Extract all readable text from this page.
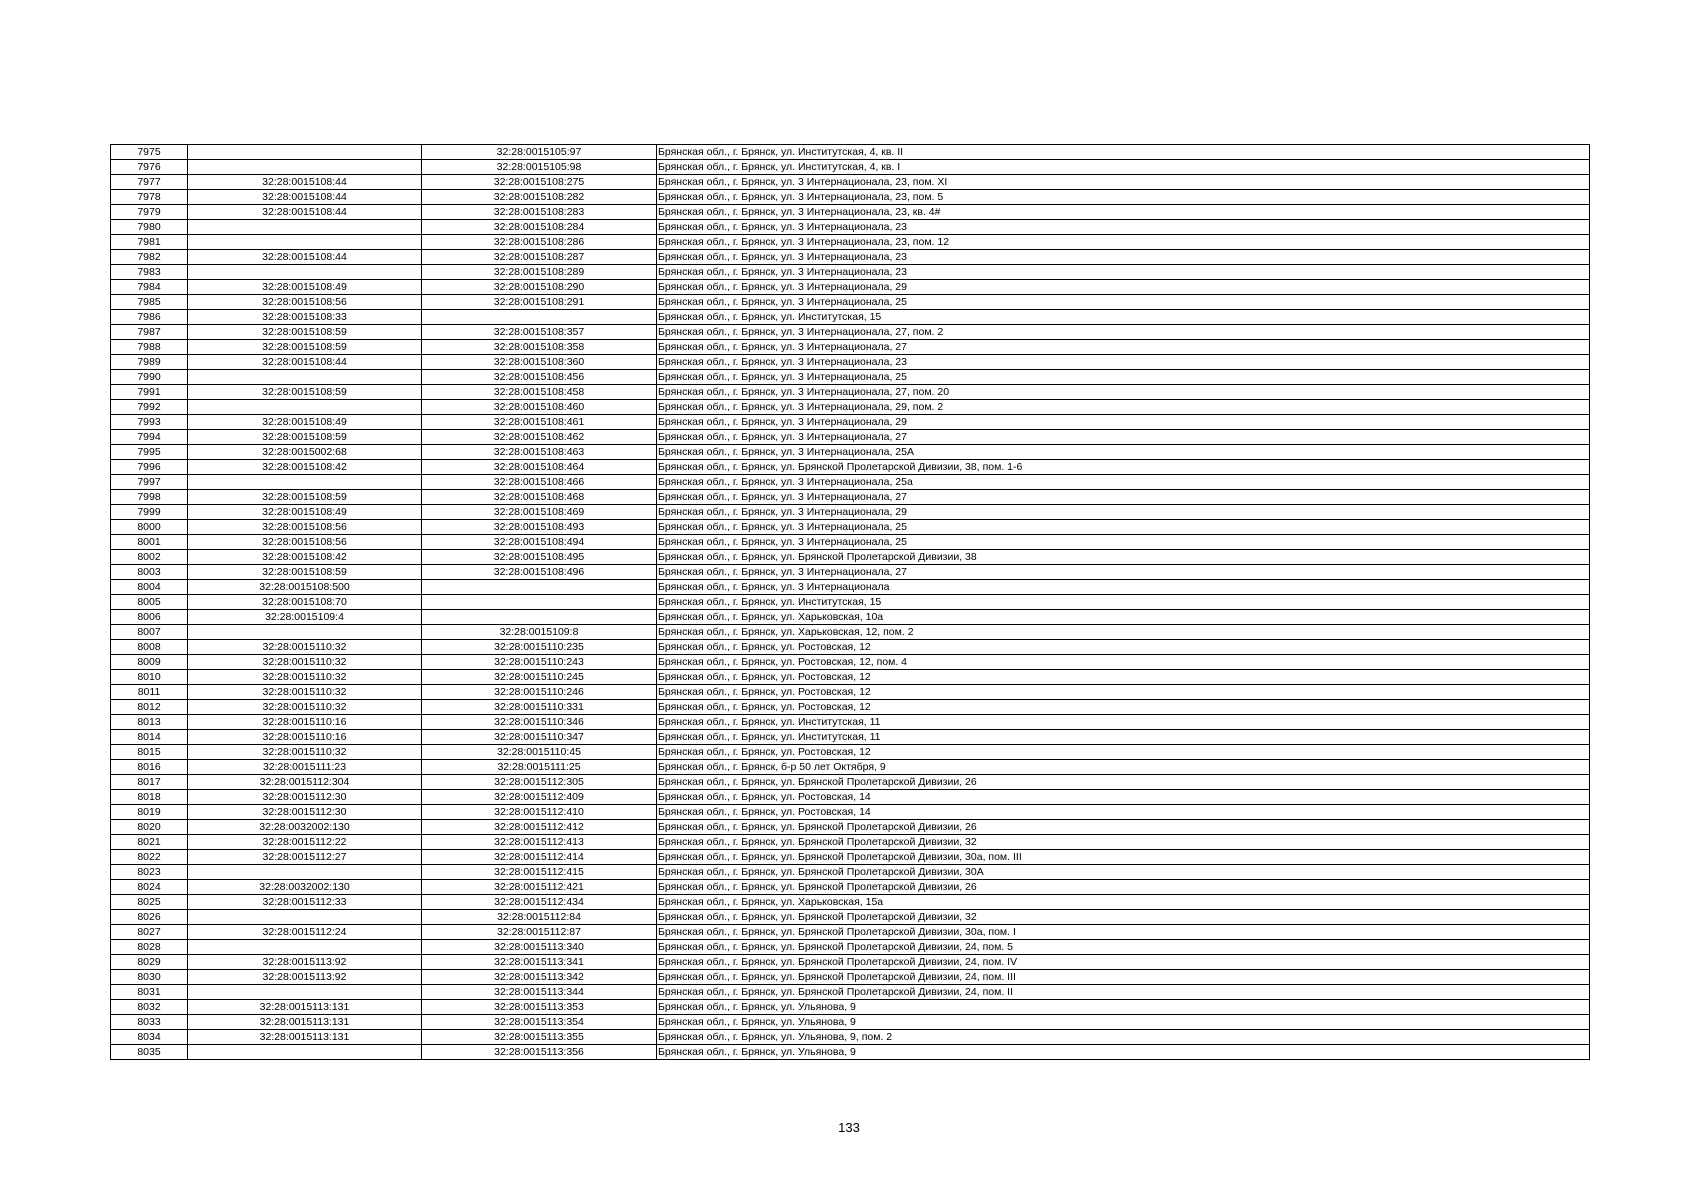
7975		32:28:0015105:97	Брянская обл., г. Брянск, ул. Институтская, 4, кв. II
7976		32:28:0015105:98	Брянская обл., г. Брянск, ул. Институтская, 4, кв. I
7977	32:28:0015108:44	32:28:0015108:275	Брянская обл., г. Брянск, ул. 3 Интернационала, 23, пом. XI
7978	32:28:0015108:44	32:28:0015108:282	Брянская обл., г. Брянск, ул. 3 Интернационала, 23, пом. 5
7979	32:28:0015108:44	32:28:0015108:283	Брянская обл., г. Брянск, ул. 3 Интернационала, 23, кв. 4#
7980		32:28:0015108:284	Брянская обл., г. Брянск, ул. 3 Интернационала, 23
7981		32:28:0015108:286	Брянская обл., г. Брянск, ул. 3 Интернационала, 23, пом. 12
7982	32:28:0015108:44	32:28:0015108:287	Брянская обл., г. Брянск, ул. 3 Интернационала, 23
7983		32:28:0015108:289	Брянская обл., г. Брянск, ул. 3 Интернационала, 23
7984	32:28:0015108:49	32:28:0015108:290	Брянская обл., г. Брянск, ул. 3 Интернационала, 29
7985	32:28:0015108:56	32:28:0015108:291	Брянская обл., г. Брянск, ул. 3 Интернационала, 25
7986	32:28:0015108:33		Брянская обл., г. Брянск, ул. Институтская, 15
7987	32:28:0015108:59	32:28:0015108:357	Брянская обл., г. Брянск, ул. 3 Интернационала, 27, пом. 2
7988	32:28:0015108:59	32:28:0015108:358	Брянская обл., г. Брянск, ул. 3 Интернационала, 27
7989	32:28:0015108:44	32:28:0015108:360	Брянская обл., г. Брянск, ул. 3 Интернационала, 23
7990		32:28:0015108:456	Брянская обл., г. Брянск, ул. 3 Интернационала, 25
7991	32:28:0015108:59	32:28:0015108:458	Брянская обл., г. Брянск, ул. 3 Интернационала, 27, пом. 20
7992		32:28:0015108:460	Брянская обл., г. Брянск, ул. 3 Интернационала, 29, пом. 2
7993	32:28:0015108:49	32:28:0015108:461	Брянская обл., г. Брянск, ул. 3 Интернационала, 29
7994	32:28:0015108:59	32:28:0015108:462	Брянская обл., г. Брянск, ул. 3 Интернационала, 27
7995	32:28:0015002:68	32:28:0015108:463	Брянская обл., г. Брянск, ул. 3 Интернационала, 25А
7996	32:28:0015108:42	32:28:0015108:464	Брянская обл., г. Брянск, ул. Брянской Пролетарской Дивизии, 38, пом. 1-6
7997		32:28:0015108:466	Брянская обл., г. Брянск, ул. 3 Интернационала, 25а
7998	32:28:0015108:59	32:28:0015108:468	Брянская обл., г. Брянск, ул. 3 Интернационала, 27
7999	32:28:0015108:49	32:28:0015108:469	Брянская обл., г. Брянск, ул. 3 Интернационала, 29
8000	32:28:0015108:56	32:28:0015108:493	Брянская обл., г. Брянск, ул. 3 Интернационала, 25
8001	32:28:0015108:56	32:28:0015108:494	Брянская обл., г. Брянск, ул. 3 Интернационала, 25
8002	32:28:0015108:42	32:28:0015108:495	Брянская обл., г. Брянск, ул. Брянской Пролетарской Дивизии, 38
8003	32:28:0015108:59	32:28:0015108:496	Брянская обл., г. Брянск, ул. 3 Интернационала, 27
8004	32:28:0015108:500		Брянская обл., г. Брянск, ул. 3 Интернационала
8005	32:28:0015108:70		Брянская обл., г. Брянск, ул. Институтская, 15
8006	32:28:0015109:4		Брянская обл., г. Брянск, ул. Харьковская, 10а
8007		32:28:0015109:8	Брянская обл., г. Брянск, ул. Харьковская, 12, пом. 2
8008	32:28:0015110:32	32:28:0015110:235	Брянская обл., г. Брянск, ул. Ростовская, 12
8009	32:28:0015110:32	32:28:0015110:243	Брянская обл., г. Брянск, ул. Ростовская, 12, пом. 4
8010	32:28:0015110:32	32:28:0015110:245	Брянская обл., г. Брянск, ул. Ростовская, 12
8011	32:28:0015110:32	32:28:0015110:246	Брянская обл., г. Брянск, ул. Ростовская, 12
8012	32:28:0015110:32	32:28:0015110:331	Брянская обл., г. Брянск, ул. Ростовская, 12
8013	32:28:0015110:16	32:28:0015110:346	Брянская обл., г. Брянск, ул. Институтская, 11
8014	32:28:0015110:16	32:28:0015110:347	Брянская обл., г. Брянск, ул. Институтская, 11
8015	32:28:0015110:32	32:28:0015110:45	Брянская обл., г. Брянск, ул. Ростовская, 12
8016	32:28:0015111:23	32:28:0015111:25	Брянская обл., г. Брянск, б-р 50 лет Октября, 9
8017	32:28:0015112:304	32:28:0015112:305	Брянская обл., г. Брянск, ул. Брянской Пролетарской Дивизии, 26
8018	32:28:0015112:30	32:28:0015112:409	Брянская обл., г. Брянск, ул. Ростовская, 14
8019	32:28:0015112:30	32:28:0015112:410	Брянская обл., г. Брянск, ул. Ростовская, 14
8020	32:28:0032002:130	32:28:0015112:412	Брянская обл., г. Брянск, ул. Брянской Пролетарской Дивизии, 26
8021	32:28:0015112:22	32:28:0015112:413	Брянская обл., г. Брянск, ул. Брянской Пролетарской Дивизии, 32
8022	32:28:0015112:27	32:28:0015112:414	Брянская обл., г. Брянск, ул. Брянской Пролетарской Дивизии, 30а, пом. III
8023		32:28:0015112:415	Брянская обл., г. Брянск, ул. Брянской Пролетарской Дивизии, 30А
8024	32:28:0032002:130	32:28:0015112:421	Брянская обл., г. Брянск, ул. Брянской Пролетарской Дивизии, 26
8025	32:28:0015112:33	32:28:0015112:434	Брянская обл., г. Брянск, ул. Харьковская, 15а
8026		32:28:0015112:84	Брянская обл., г. Брянск, ул. Брянской Пролетарской Дивизии, 32
8027	32:28:0015112:24	32:28:0015112:87	Брянская обл., г. Брянск, ул. Брянской Пролетарской Дивизии, 30а, пом. I
8028		32:28:0015113:340	Брянская обл., г. Брянск, ул. Брянской Пролетарской Дивизии, 24, пом. 5
8029	32:28:0015113:92	32:28:0015113:341	Брянская обл., г. Брянск, ул. Брянской Пролетарской Дивизии, 24, пом. IV
8030	32:28:0015113:92	32:28:0015113:342	Брянская обл., г. Брянск, ул. Брянской Пролетарской Дивизии, 24, пом. III
8031		32:28:0015113:344	Брянская обл., г. Брянск, ул. Брянской Пролетарской Дивизии, 24, пом. II
8032	32:28:0015113:131	32:28:0015113:353	Брянская обл., г. Брянск, ул. Ульянова, 9
8033	32:28:0015113:131	32:28:0015113:354	Брянская обл., г. Брянск, ул. Ульянова, 9
8034	32:28:0015113:131	32:28:0015113:355	Брянская обл., г. Брянск, ул. Ульянова, 9, пом. 2
8035		32:28:0015113:356	Брянская обл., г. Брянск, ул. Ульянова, 9
133
